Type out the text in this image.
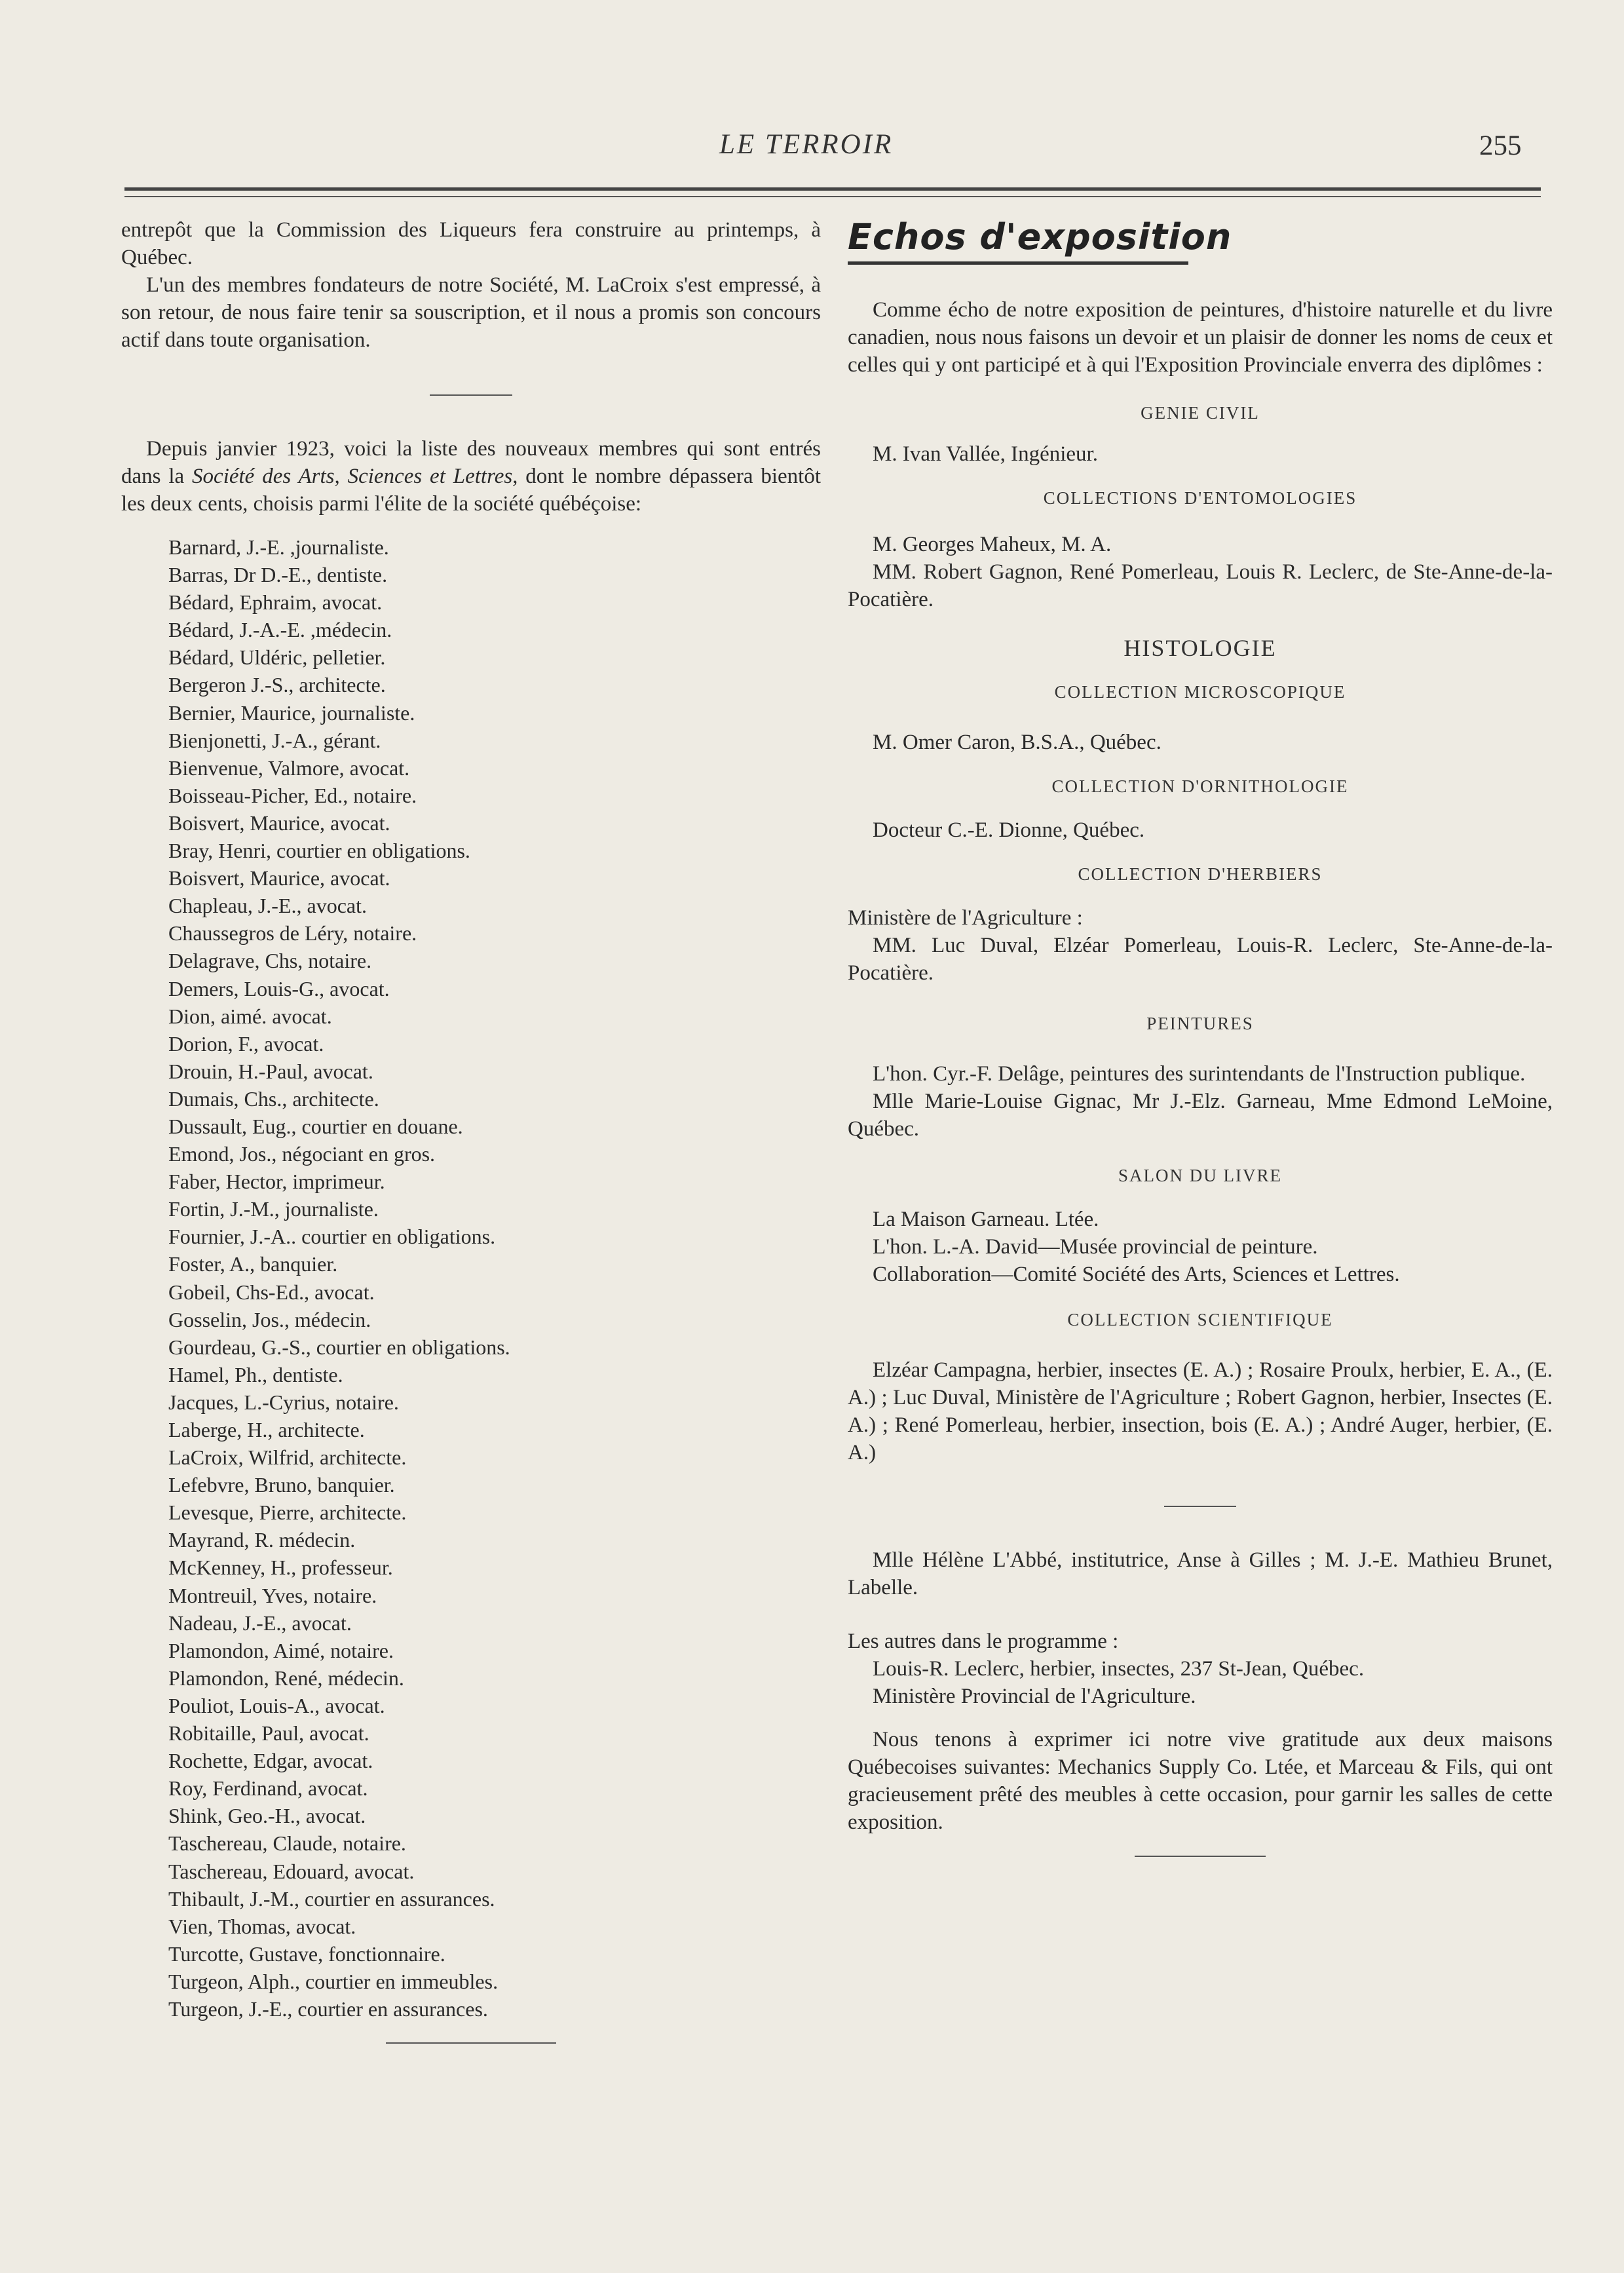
LE TERROIR	255

entrepôt que la Commission des Liqueurs fera construire au printemps, à Québec.

L'un des membres fondateurs de notre Société, M. LaCroix s'est empressé, à son retour, de nous faire tenir sa souscription, et il nous a promis son concours actif dans toute organisation.

Depuis janvier 1923, voici la liste des nouveaux membres qui sont entrés dans la Société des Arts, Sciences et Lettres, dont le nombre dépassera bientôt les deux cents, choisis parmi l'élite de la société québéçoise:

Barnard, J.-E. ,journaliste.
Barras, Dr D.-E., dentiste.
Bédard, Ephraim, avocat.
Bédard, J.-A.-E. ,médecin.
Bédard, Uldéric, pelletier.
Bergeron J.-S., architecte.
Bernier, Maurice, journaliste.
Bienjonetti, J.-A., gérant.
Bienvenue, Valmore, avocat.
Boisseau-Picher, Ed., notaire.
Boisvert, Maurice, avocat.
Bray, Henri, courtier en obligations.
Boisvert, Maurice, avocat.
Chapleau, J.-E., avocat.
Chaussegros de Léry, notaire.
Delagrave, Chs, notaire.
Demers, Louis-G., avocat.
Dion, aimé. avocat.
Dorion, F., avocat.
Drouin, H.-Paul, avocat.
Dumais, Chs., architecte.
Dussault, Eug., courtier en douane.
Emond, Jos., négociant en gros.
Faber, Hector, imprimeur.
Fortin, J.-M., journaliste.
Fournier, J.-A.. courtier en obligations.
Foster, A., banquier.
Gobeil, Chs-Ed., avocat.
Gosselin, Jos., médecin.
Gourdeau, G.-S., courtier en obligations.
Hamel, Ph., dentiste.
Jacques, L.-Cyrius, notaire.
Laberge, H., architecte.
LaCroix, Wilfrid, architecte.
Lefebvre, Bruno, banquier.
Levesque, Pierre, architecte.
Mayrand, R. médecin.
McKenney, H., professeur.
Montreuil, Yves, notaire.
Nadeau, J.-E., avocat.
Plamondon, Aimé, notaire.
Plamondon, René, médecin.
Pouliot, Louis-A., avocat.
Robitaille, Paul, avocat.
Rochette, Edgar, avocat.
Roy, Ferdinand, avocat.
Shink, Geo.-H., avocat.
Taschereau, Claude, notaire.
Taschereau, Edouard, avocat.
Thibault, J.-M., courtier en assurances.
Vien, Thomas, avocat.
Turcotte, Gustave, fonctionnaire.
Turgeon, Alph., courtier en immeubles.
Turgeon, J.-E., courtier en assurances.
Echos d'exposition

Comme écho de notre exposition de peintures, d'histoire naturelle et du livre canadien, nous nous faisons un devoir et un plaisir de donner les noms de ceux et celles qui y ont participé et à qui l'Exposition Provinciale enverra des diplômes :

GENIE CIVIL

M. Ivan Vallée, Ingénieur.

COLLECTIONS D'ENTOMOLOGIES

M. Georges Maheux, M. A.

MM. Robert Gagnon, René Pomerleau, Louis R. Leclerc, de Ste-Anne-de-la-Pocatière.

HISTOLOGIE
COLLECTION MICROSCOPIQUE

M. Omer Caron, B.S.A., Québec.

COLLECTION D'ORNITHOLOGIE

Docteur C.-E. Dionne, Québec.

COLLECTION D'HERBIERS

Ministère de l'Agriculture :

MM. Luc Duval, Elzéar Pomerleau, Louis-R. Leclerc, Ste-Anne-de-la-Pocatière.

PEINTURES

L'hon. Cyr.-F. Delâge, peintures des surintendants de l'Instruction publique.

Mlle Marie-Louise Gignac, Mr J.-Elz. Garneau, Mme Edmond LeMoine, Québec.

SALON DU LIVRE

La Maison Garneau. Ltée.

L'hon. L.-A. David—Musée provincial de peinture.

Collaboration—Comité Société des Arts, Sciences et Lettres.

COLLECTION SCIENTIFIQUE

Elzéar Campagna, herbier, insectes (E. A.) ; Rosaire Proulx, herbier, E. A., (E. A.) ; Luc Duval, Ministère de l'Agriculture ; Robert Gagnon, herbier, Insectes (E. A.) ; René Pomerleau, herbier, insection, bois (E. A.) ; André Auger, herbier, (E. A.)

Mlle Hélène L'Abbé, institutrice, Anse à Gilles ; M. J.-E. Mathieu Brunet, Labelle.

Les autres dans le programme :

Louis-R. Leclerc, herbier, insectes, 237 St-Jean, Québec.

Ministère Provincial de l'Agriculture.

Nous tenons à exprimer ici notre vive gratitude aux deux maisons Québecoises suivantes: Mechanics Supply Co. Ltée, et Marceau & Fils, qui ont gracieusement prêté des meubles à cette occasion, pour garnir les salles de cette exposition.
